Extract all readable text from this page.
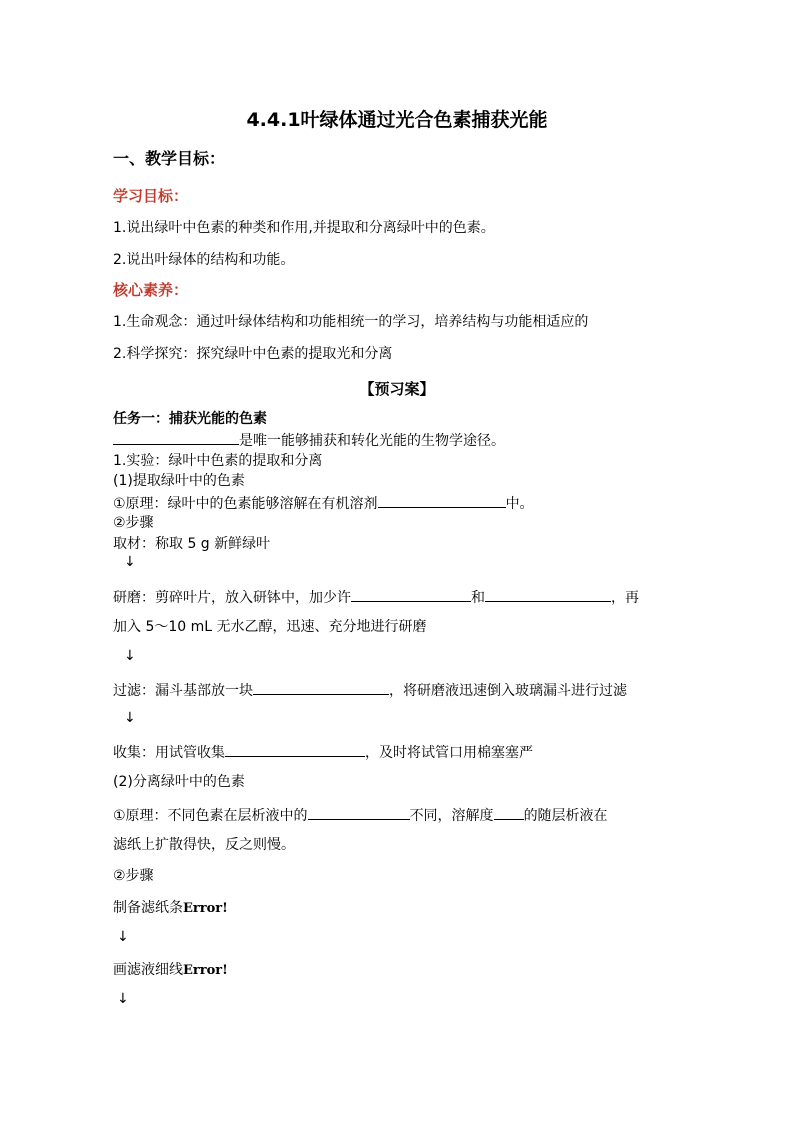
4.4.1叶绿体通过光合色素捕获光能
一、教学目标：
学习目标：
1.说出绿叶中色素的种类和作用,并提取和分离绿叶中的色素。
2.说出叶绿体的结构和功能。
核心素养：
1.生命观念：通过叶绿体结构和功能相统一的学习，培养结构与功能相适应的
2.科学探究：探究绿叶中色素的提取光和分离
【预习案】
任务一：捕获光能的色素
是唯一能够捕获和转化光能的生物学途径。
1.实验：绿叶中色素的提取和分离
(1)提取绿叶中的色素
①原理：绿叶中的色素能够溶解在有机溶剂	中。
②步骤
取材：称取 5 g 新鲜绿叶
↓
研磨：剪碎叶片，放入研钵中，加少许	和	，再
加入 5～10 mL 无水乙醇，迅速、充分地进行研磨
↓
过滤：漏斗基部放一块	，将研磨液迅速倒入玻璃漏斗进行过滤
↓
收集：用试管收集	，及时将试管口用棉塞塞严
(2)分离绿叶中的色素
①原理：不同色素在层析液中的	不同，溶解度 的随层析液在
滤纸上扩散得快，反之则慢。
②步骤
制备滤纸条Error!
↓
画滤液细线Error!
↓
